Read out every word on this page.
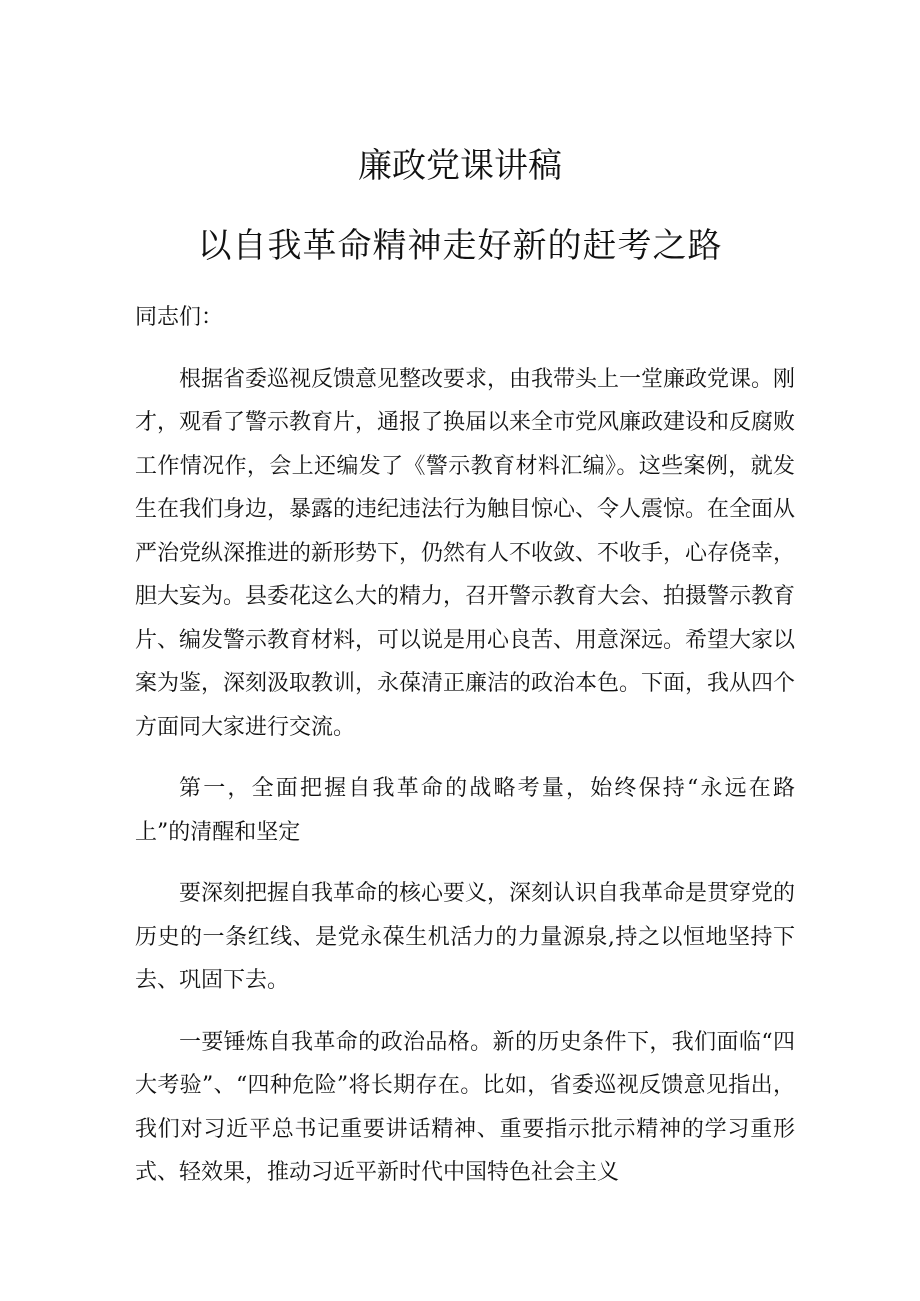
廉政党课讲稿
以自我革命精神走好新的赶考之路

同志们：

根据省委巡视反馈意见整改要求，由我带头上一堂廉政党课。刚才，观看了警示教育片，通报了换届以来全市党风廉政建设和反腐败工作情况作，会上还编发了《警示教育材料汇编》。这些案例，就发生在我们身边，暴露的违纪违法行为触目惊心、令人震惊。在全面从严治党纵深推进的新形势下，仍然有人不收敛、不收手，心存侥幸，胆大妄为。县委花这么大的精力，召开警示教育大会、拍摄警示教育片、编发警示教育材料，可以说是用心良苦、用意深远。希望大家以案为鉴，深刻汲取教训，永葆清正廉洁的政治本色。下面，我从四个方面同大家进行交流。

第一，全面把握自我革命的战略考量，始终保持“永远在路上”的清醒和坚定

要深刻把握自我革命的核心要义，深刻认识自我革命是贯穿党的历史的一条红线、是党永葆生机活力的力量源泉,持之以恒地坚持下去、巩固下去。

一要锤炼自我革命的政治品格。新的历史条件下，我们面临“四大考验”、“四种危险”将长期存在。比如，省委巡视反馈意见指出，我们对习近平总书记重要讲话精神、重要指示批示精神的学习重形式、轻效果，推动习近平新时代中国特色社会主义
